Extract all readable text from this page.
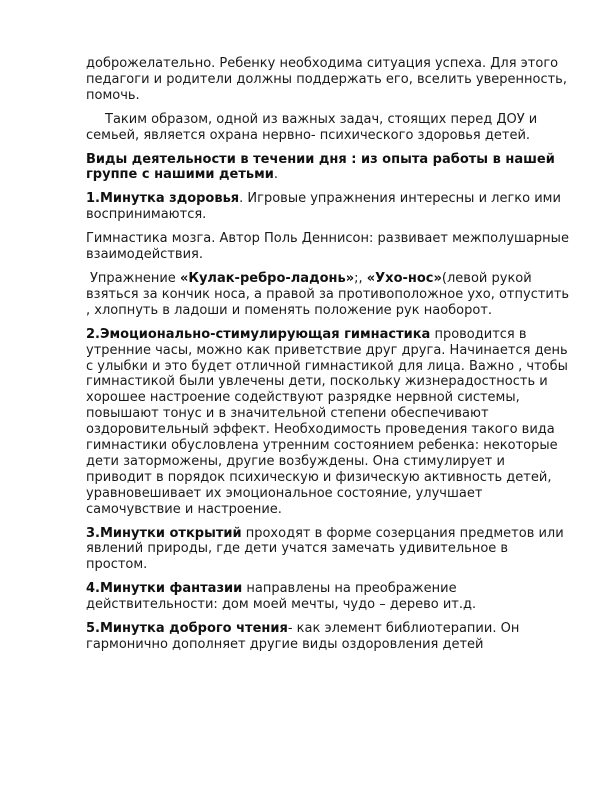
доброжелательно. Ребенку необходима ситуация успеха. Для этого педагоги и родители должны поддержать его, вселить уверенность, помочь.

Таким образом, одной из важных задач, стоящих перед ДОУ и семьей, является охрана нервно- психического здоровья детей.

Виды деятельности в течении дня : из опыта работы в нашей группе с нашими детьми.

1.Минутка здоровья. Игровые упражнения интересны и легко ими воспринимаются.

Гимнастика мозга. Автор Поль Деннисон: развивает межполушарные взаимодействия.

Упражнение «Кулак-ребро-ладонь»;, «Ухо-нос»(левой рукой взяться за кончик носа, а правой за противоположное ухо, отпустить , хлопнуть в ладоши и поменять положение рук наоборот.

2.Эмоционально-стимулирующая гимнастика проводится в утренние часы, можно как приветствие друг друга. Начинается день с улыбки и это будет отличной гимнастикой для лица. Важно , чтобы гимнастикой были увлечены дети, поскольку жизнерадостность и хорошее настроение содействуют разрядке нервной системы, повышают тонус и в значительной степени обеспечивают оздоровительный эффект. Необходимость проведения такого вида гимнастики обусловлена утренним состоянием ребенка: некоторые дети заторможены, другие возбуждены. Она стимулирует и приводит в порядок психическую и физическую активность детей, уравновешивает их эмоциональное состояние, улучшает самочувствие и настроение.

3.Минутки открытий проходят в форме созерцания предметов или явлений природы, где дети учатся замечать удивительное в простом.

4.Минутки фантазии направлены на преображение действительности: дом моей мечты, чудо – дерево ит.д.

5.Минутка доброго чтения- как элемент библиотерапии. Он гармонично дополняет другие виды оздоровления детей
